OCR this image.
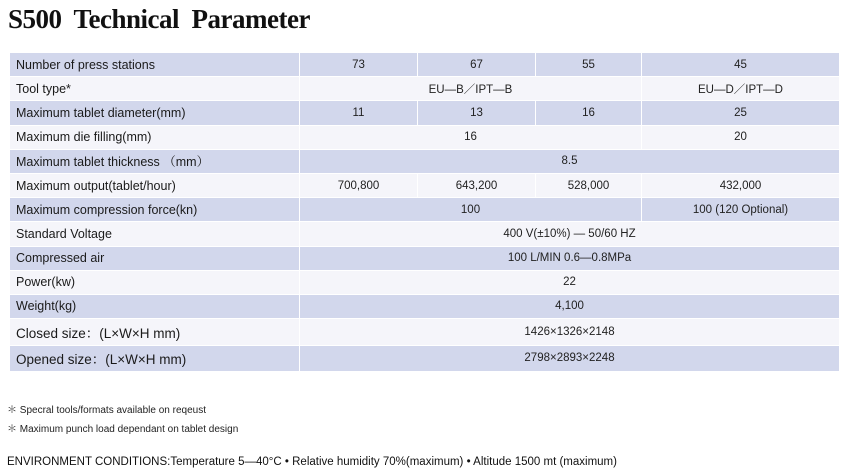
S500  Technical  Parameter
Number of press stations	73	67	55	45
Tool type*	EU—B／IPT—B			EU—D／IPT—D
Maximum tablet diameter(mm)	11	13	16	25
Maximum die filling(mm)	16			20
Maximum tablet thickness （mm）	8.5			
Maximum output(tablet/hour)	700,800	643,200	528,000	432,000
Maximum compression force(kn)	100			100 (120 Optional)
Standard Voltage	400 V(±10%) — 50/60 HZ			
Compressed air	100 L/MIN 0.6—0.8MPa			
Power(kw)	22			
Weight(kg)	4,100			
Closed size：(L×W×H mm)	1426×1326×2148			
Opened size：(L×W×H mm)	2798×2893×2248			
＊ Specral tools/formats available on reqeust
＊ Maximum punch load dependant on tablet design
ENVIRONMENT CONDITIONS:Temperature 5—40°C • Relative humidity 70%(maximum) • Altitude 1500 mt (maximum)
